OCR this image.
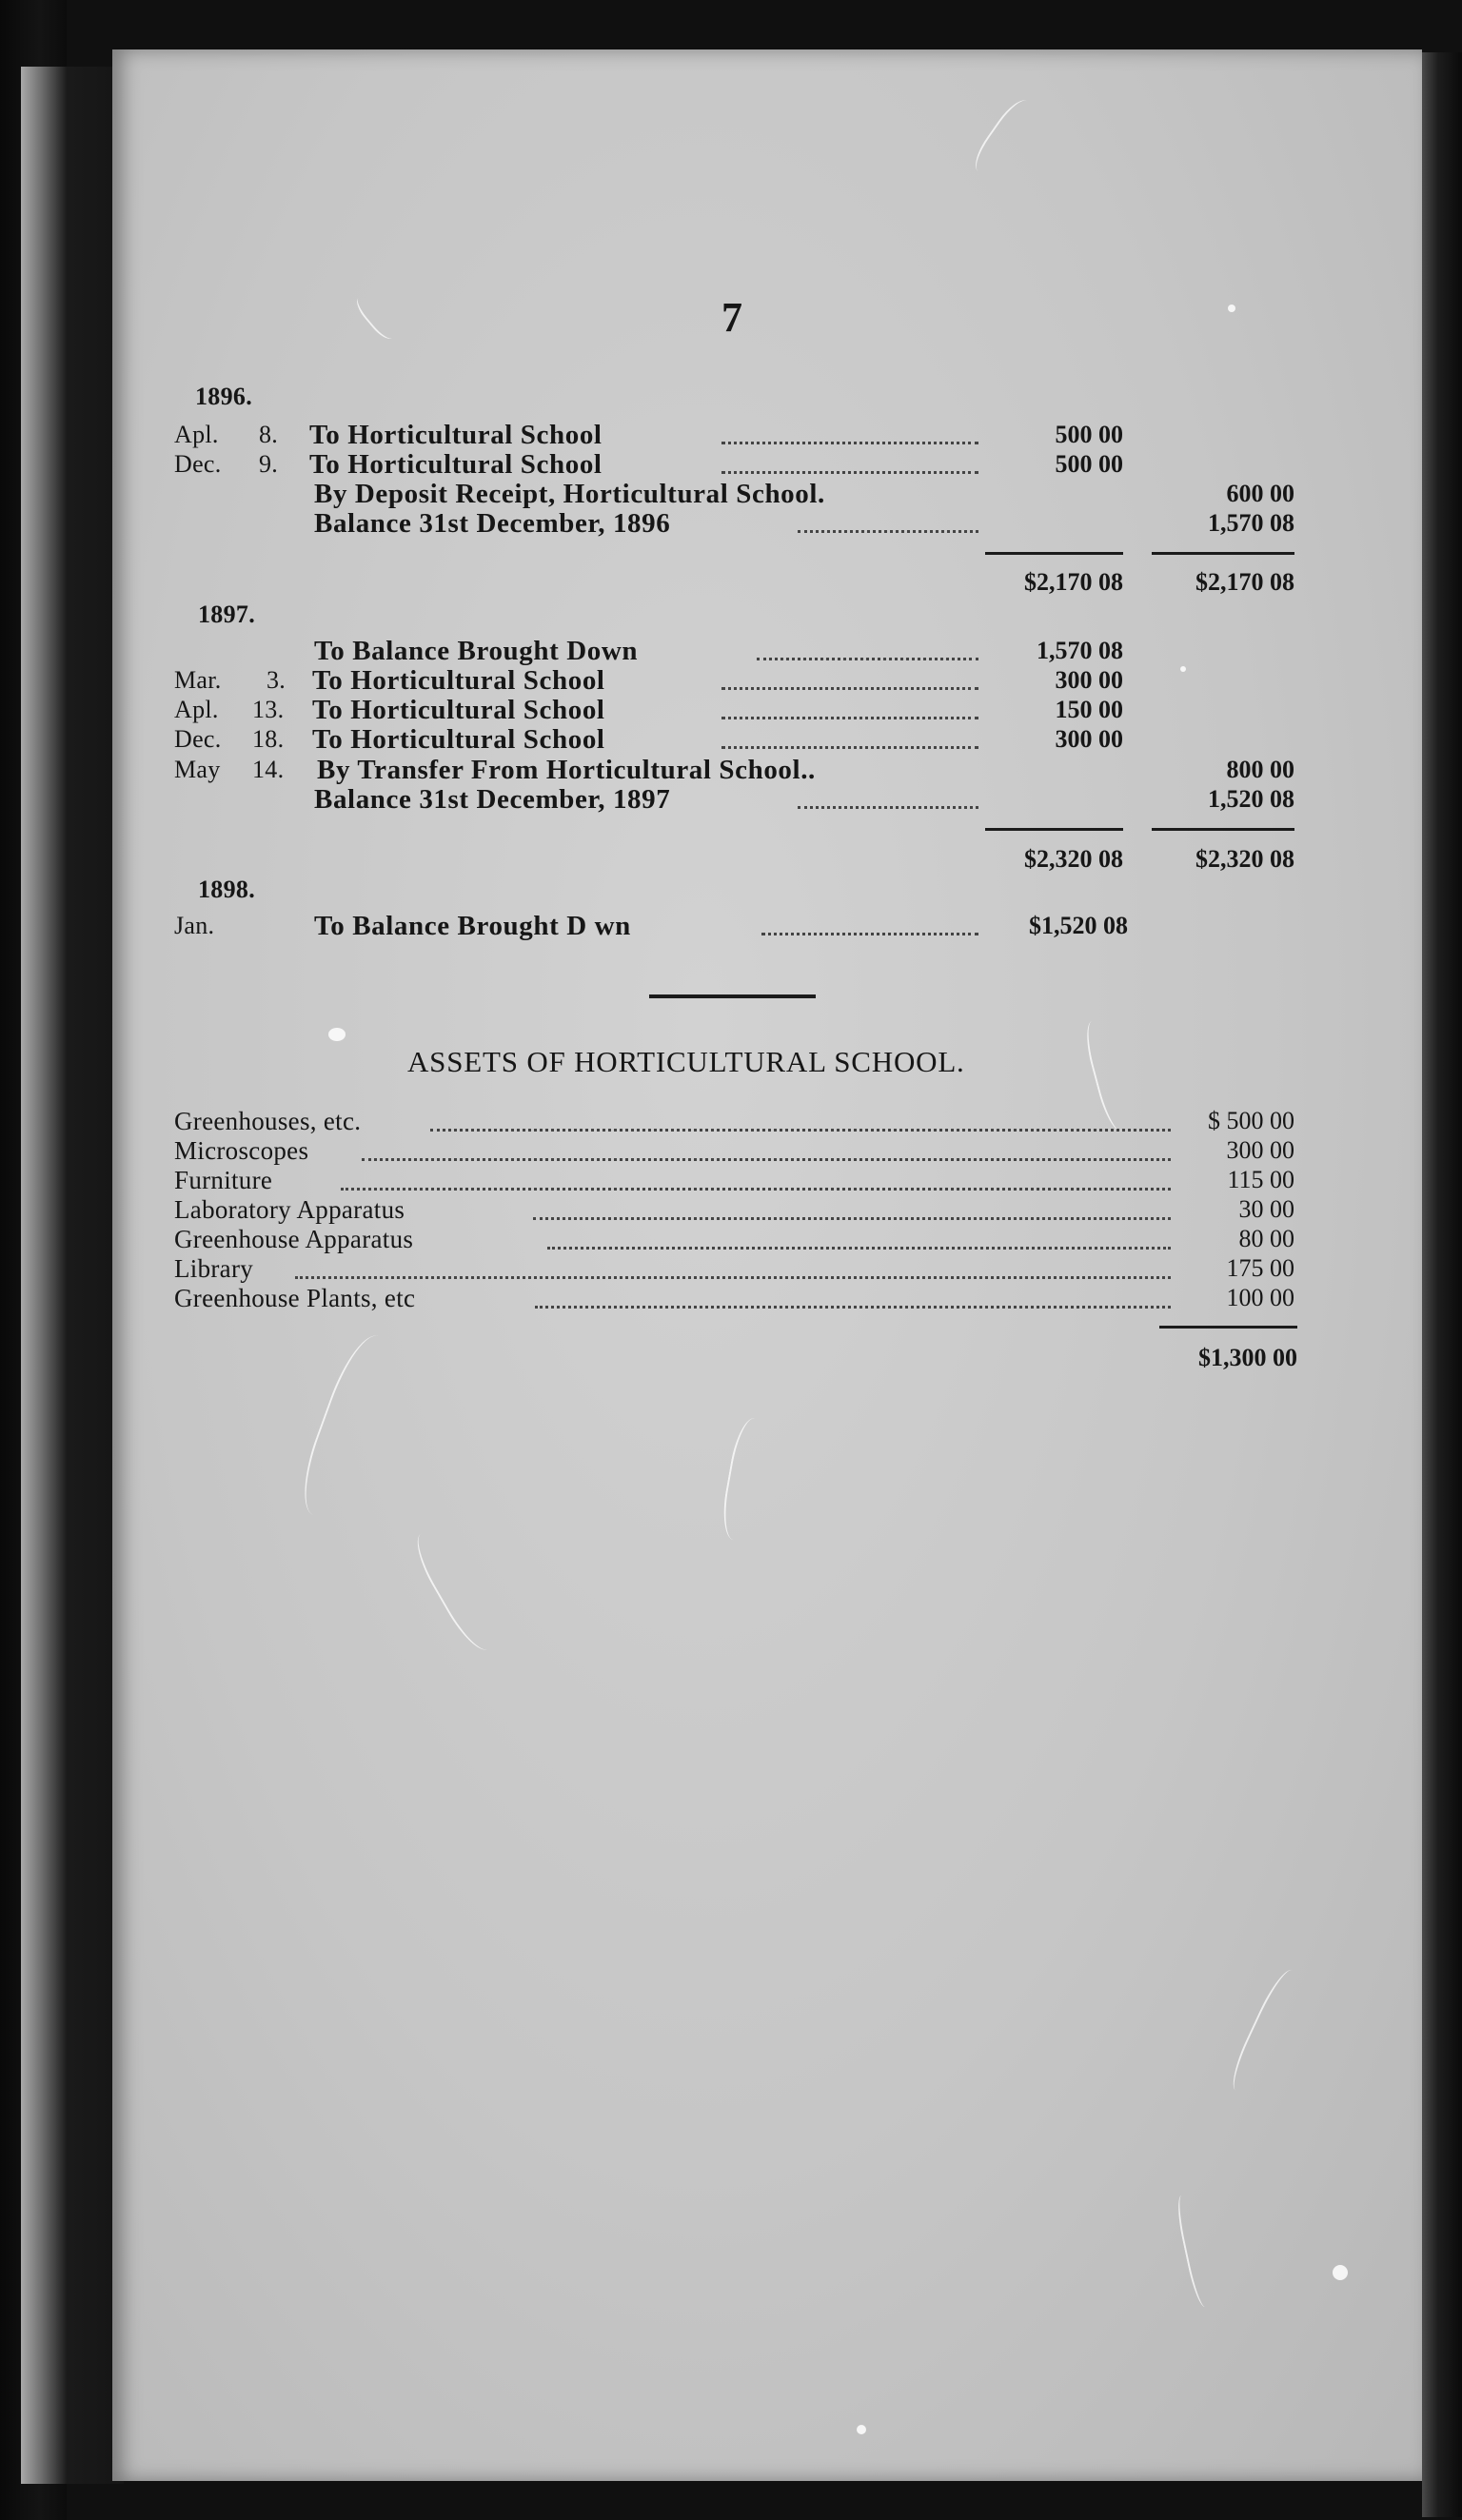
7
1896.
Apl. 8. To Horticultural School	500 00
Dec. 9. To Horticultural School	500 00
By Deposit Receipt, Horticultural School.	600 00
Balance 31st December, 1896	1,570 08
$2,170 08	$2,170 08
1897.
To Balance Brought Down	1,570 08
Mar. 3. To Horticultural School	300 00
Apl. 13. To Horticultural School	150 00
Dec. 18. To Horticultural School	300 00
May 14. By Transfer From Horticultural School..	800 00
Balance 31st December, 1897	1,520 08
$2,320 08	$2,320 08
1898.
Jan.	To Balance Brought D wn	$1,520 08
ASSETS OF HORTICULTURAL SCHOOL.
Greenhouses, etc.	$ 500 00
Microscopes	300 00
Furniture	115 00
Laboratory Apparatus	30 00
Greenhouse Apparatus	80 00
Library	175 00
Greenhouse Plants, etc	100 00
$1,300 00
